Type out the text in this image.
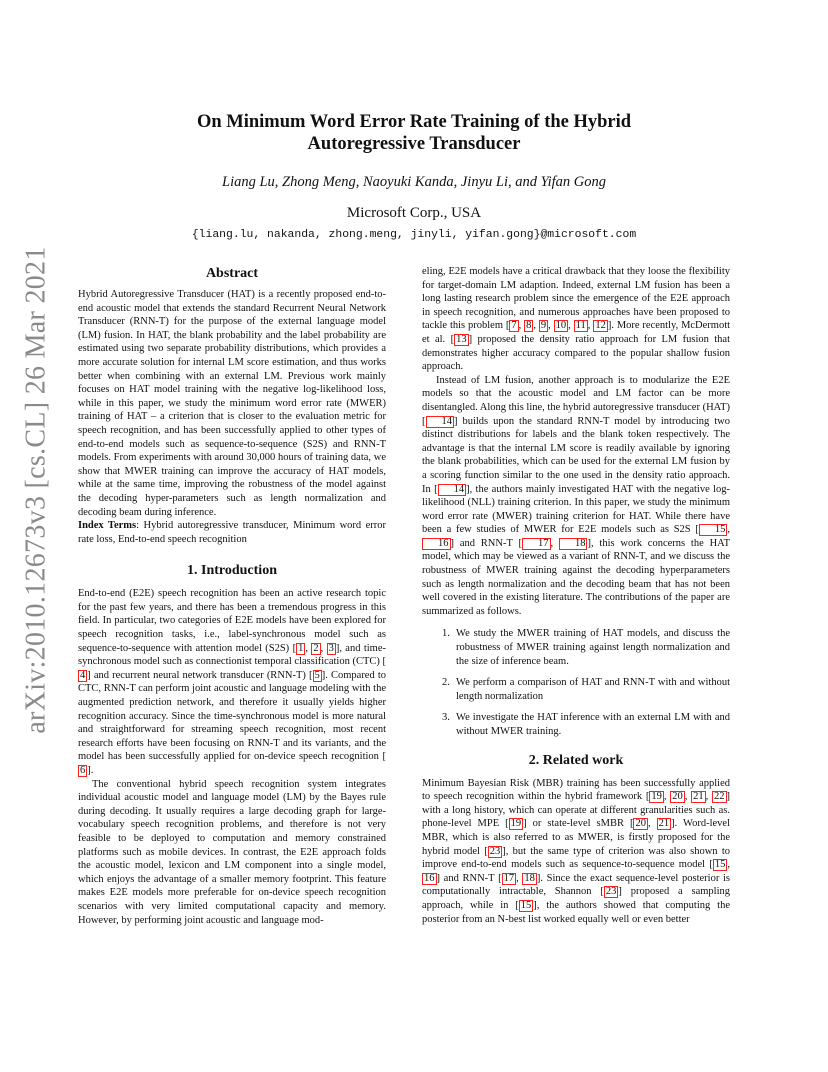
arXiv:2010.12673v3 [cs.CL] 26 Mar 2021
On Minimum Word Error Rate Training of the Hybrid
Autoregressive Transducer
Liang Lu, Zhong Meng, Naoyuki Kanda, Jinyu Li, and Yifan Gong
Microsoft Corp., USA
{liang.lu, nakanda, zhong.meng, jinyli, yifan.gong}@microsoft.com
Abstract

Hybrid Autoregressive Transducer (HAT) is a recently proposed end-to-end acoustic model that extends the standard Recurrent Neural Network Transducer (RNN-T) for the purpose of the external language model (LM) fusion. In HAT, the blank probability and the label probability are estimated using two separate probability distributions, which provides a more accurate solution for internal LM score estimation, and thus works better when combining with an external LM. Previous work mainly focuses on HAT model training with the negative log-likelihood loss, while in this paper, we study the minimum word error rate (MWER) training of HAT – a criterion that is closer to the evaluation metric for speech recognition, and has been successfully applied to other types of end-to-end models such as sequence-to-sequence (S2S) and RNN-T models. From experiments with around 30,000 hours of training data, we show that MWER training can improve the accuracy of HAT models, while at the same time, improving the robustness of the model against the decoding hyper-parameters such as length normalization and decoding beam during inference.

Index Terms: Hybrid autoregressive transducer, Minimum word error rate loss, End-to-end speech recognition

1. Introduction

End-to-end (E2E) speech recognition has been an active research topic for the past few years, and there has been a tremendous progress in this field. In particular, two categories of E2E models have been explored for speech recognition tasks, i.e., label-synchronous model such as sequence-to-sequence with attention model (S2S) [ 1 , 2 , 3 ], and time-synchronous model such as connectionist temporal classification (CTC) [4 ] and recurrent neural network transducer (RNN-T) [ 5 ]. Compared to CTC, RNN-T can perform joint acoustic and language modeling with the augmented prediction network, and therefore it usually yields higher recognition accuracy. Since the time-synchronous model is more natural and straightforward for streaming speech recognition, most recent research efforts have been focusing on RNN-T and its variants, and the model has been successfully applied for on-device speech recognition [6 ].

The conventional hybrid speech recognition system integrates individual acoustic model and language model (LM) by the Bayes rule during decoding. It usually requires a large decoding graph for large-vocabulary speech recognition problems, and therefore is not very feasible to be deployed to computation and memory constrained platforms such as mobile devices. In contrast, the E2E approach folds the acoustic model, lexicon and LM component into a single model, which enjoys the advantage of a smaller memory footprint. This feature makes E2E models more preferable for on-device speech recognition scenarios with very limited computational capacity and memory. However, by performing joint acoustic and language mod-

eling, E2E models have a critical drawback that they loose the flexibility for target-domain LM adaption. Indeed, external LM fusion has been a long lasting research problem since the emergence of the E2E approach in speech recognition, and numerous approaches have been proposed to tackle this problem [ 7 , 8 , 9 , 10 , 11 , 12 ]. More recently, McDermott et al. [ 13 ] proposed the density ratio approach for LM fusion that demonstrates higher accuracy compared to the popular shallow fusion approach.

Instead of LM fusion, another approach is to modularize the E2E models so that the acoustic model and LM factor can be more disentangled. Along this line, the hybrid autoregressive transducer (HAT) [ 14 ] builds upon the standard RNN-T model by introducing two distinct distributions for labels and the blank token respectively. The advantage is that the internal LM score is readily available by ignoring the blank probabilities, which can be used for the external LM fusion by a scoring function similar to the one used in the density ratio approach. In [ 14 ], the authors mainly investigated HAT with the negative log-likelihood (NLL) training criterion. In this paper, we study the minimum word error rate (MWER) training criterion for HAT. While there have been a few studies of MWER for E2E models such as S2S [ 15 , 16 ] and RNN-T [ 17 , 18 ], this work concerns the HAT model, which may be viewed as a variant of RNN-T, and we discuss the robustness of MWER training against the decoding hyperparameters such as length normalization and the decoding beam that has not been well covered in the existing literature. The contributions of the paper are summarized as follows.

1. We study the MWER training of HAT models, and discuss the robustness of MWER training against length normalization and the size of inference beam.
2. We perform a comparison of HAT and RNN-T with and without length normalization
3. We investigate the HAT inference with an external LM with and without MWER training.
2. Related work

Minimum Bayesian Risk (MBR) training has been successfully applied to speech recognition within the hybrid framework [ 19 , 20 , 21 , 22 ] with a long history, which can operate at different granularities such as. phone-level MPE [ 19 ] or state-level sMBR [ 20 , 21 ]. Word-level MBR, which is also referred to as MWER, is firstly proposed for the hybrid model [ 23 ], but the same type of criterion was also shown to improve end-to-end models such as sequence-to-sequence model [ 15 , 16 ] and RNN-T [ 17 , 18 ]. Since the exact sequence-level posterior is computationally intractable, Shannon [ 23 ] proposed a sampling approach, while in [ 15 ], the authors showed that computing the posterior from an N-best list worked equally well or even better
